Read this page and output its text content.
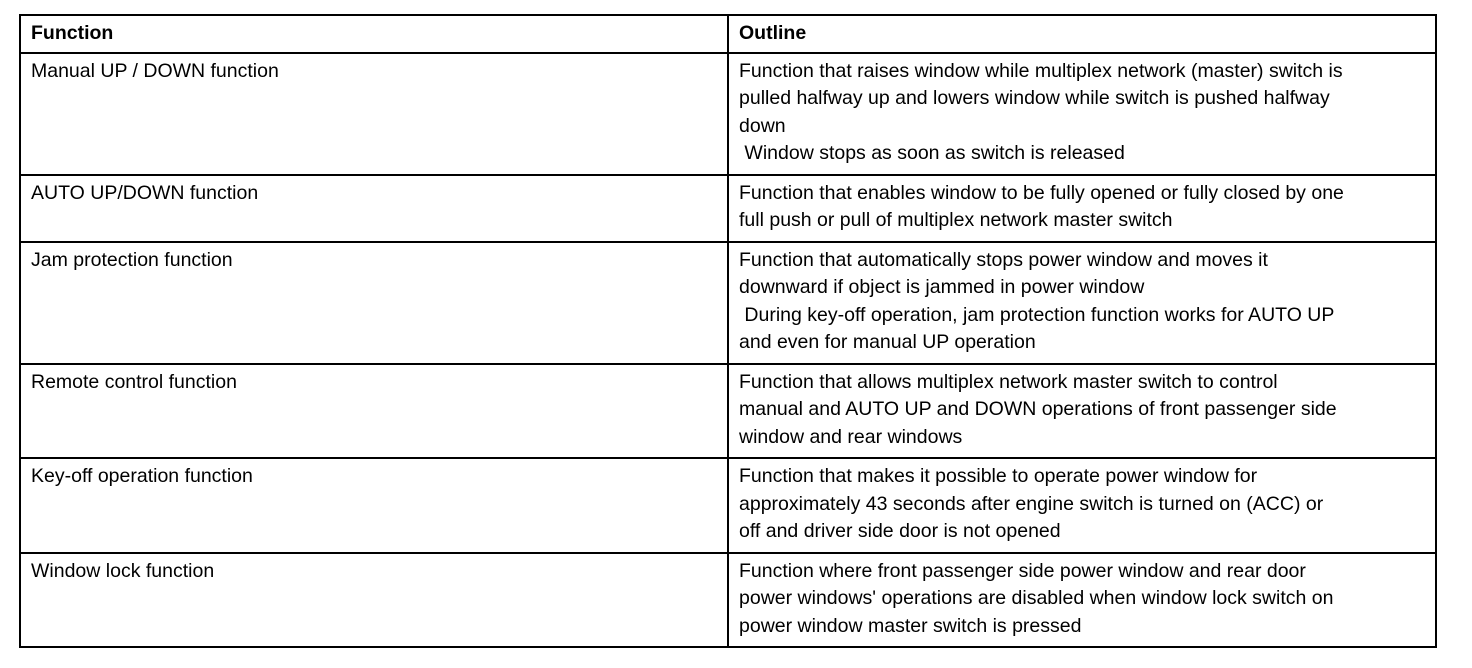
Function	Outline
Manual UP / DOWN function	Function that raises window while multiplex network (master) switch is
pulled halfway up and lowers window while switch is pushed halfway
down
Window stops as soon as switch is released

AUTO UP/DOWN function	Function that enables window to be fully opened or fully closed by one
full push or pull of multiplex network master switch

Jam protection function	Function that automatically stops power window and moves it
downward if object is jammed in power window
During key-off operation, jam protection function works for AUTO UP
and even for manual UP operation

Remote control function	Function that allows multiplex network master switch to control
manual and AUTO UP and DOWN operations of front passenger side
window and rear windows

Key-off operation function	Function that makes it possible to operate power window for
approximately 43 seconds after engine switch is turned on (ACC) or
off and driver side door is not opened

Window lock function	Function where front passenger side power window and rear door
power windows' operations are disabled when window lock switch on
power window master switch is pressed
